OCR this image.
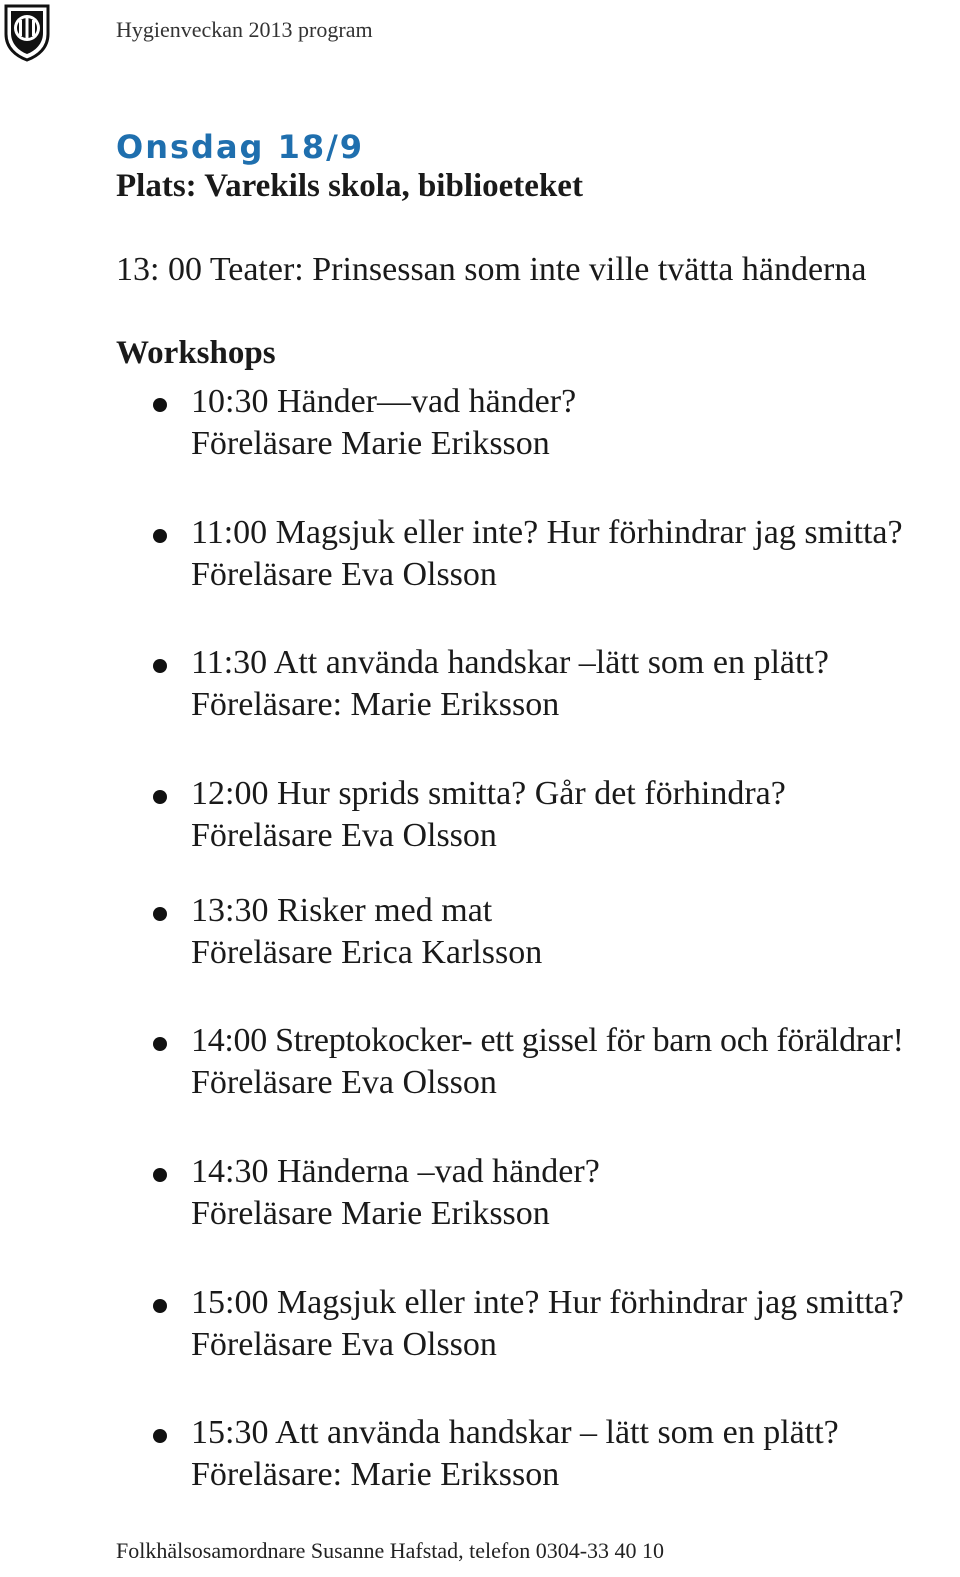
Hygienveckan 2013 program
Onsdag 18/9
Plats: Varekils skola, biblioeteket
13: 00 Teater: Prinsessan som inte ville tvätta händerna
Workshops
10:30 Händer—vad händer?
Föreläsare Marie Eriksson
11:00 Magsjuk eller inte? Hur förhindrar jag smitta?
Föreläsare Eva Olsson
11:30 Att använda handskar –lätt som en plätt?
Föreläsare: Marie Eriksson
12:00 Hur sprids smitta? Går det förhindra?
Föreläsare Eva Olsson
13:30 Risker med mat
Föreläsare Erica Karlsson
14:00 Streptokocker- ett gissel för barn och föräldrar!
Föreläsare Eva Olsson
14:30 Händerna –vad händer?
Föreläsare Marie Eriksson
15:00 Magsjuk eller inte? Hur förhindrar jag smitta?
Föreläsare Eva Olsson
15:30 Att använda handskar – lätt som en plätt?
Föreläsare: Marie Eriksson
Folkhälsosamordnare Susanne Hafstad, telefon 0304-33 40 10
